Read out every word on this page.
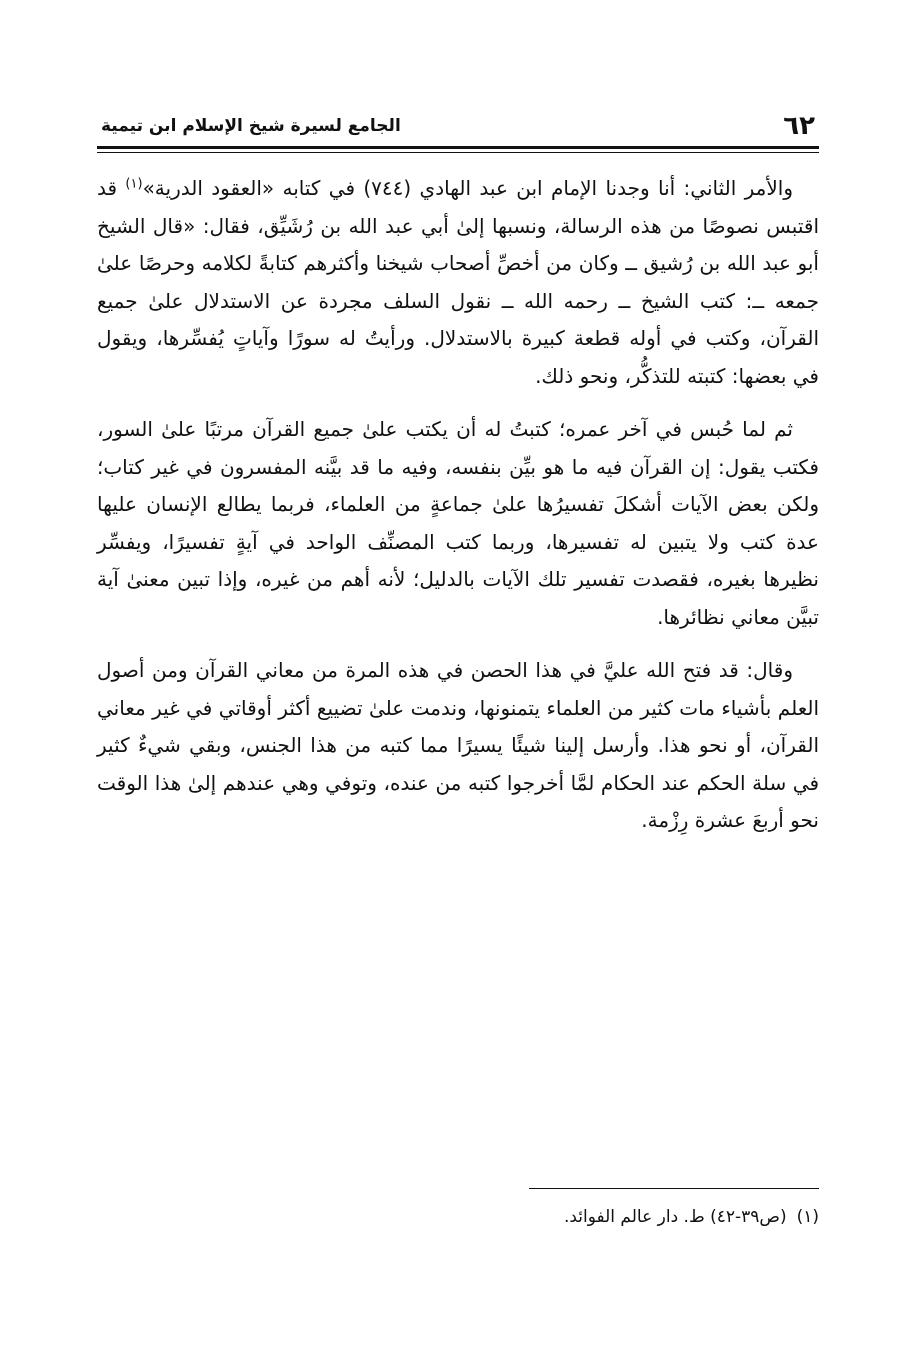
٦٢
الجامع لسيرة شيخ الإسلام ابن تيمية

والأمر الثاني: أنا وجدنا الإمام ابن عبد الهادي (٧٤٤) في كتابه «العقود الدرية»$^{(١)}$ قد اقتبس نصوصًا من هذه الرسالة، ونسبها إلىٰ أبي عبد الله بن رُشَيِّق، فقال: «قال الشيخ أبو عبد الله بن رُشيق ــ وكان من أخصِّ أصحاب شيخنا وأكثرهم كتابةً لكلامه وحرصًا علىٰ جمعه ــ: كتب الشيخ ــ رحمه الله ــ نقول السلف مجردة عن الاستدلال علىٰ جميع القرآن، وكتب في أوله قطعة كبيرة بالاستدلال. ورأيتُ له سورًا وآياتٍ يُفسِّرها، ويقول في بعضها: كتبته للتذكُّر، ونحو ذلك.

ثم لما حُبس في آخر عمره؛ كتبتُ له أن يكتب علىٰ جميع القرآن مرتبًا علىٰ السور، فكتب يقول: إن القرآن فيه ما هو بيِّن بنفسه، وفيه ما قد بيَّنه المفسرون في غير كتاب؛ ولكن بعض الآيات أشكلَ تفسيرُها علىٰ جماعةٍ من العلماء، فربما يطالع الإنسان عليها عدة كتب ولا يتبين له تفسيرها، وربما كتب المصنِّف الواحد في آيةٍ تفسيرًا، ويفسِّر نظيرها بغيره، فقصدت تفسير تلك الآيات بالدليل؛ لأنه أهم من غيره، وإذا تبين معنىٰ آية تبيَّن معاني نظائرها.

وقال: قد فتح الله عليَّ في هذا الحصن في هذه المرة من معاني القرآن ومن أصول العلم بأشياء مات كثير من العلماء يتمنونها، وندمت علىٰ تضييع أكثر أوقاتي في غير معاني القرآن، أو نحو هذا. وأرسل إلينا شيئًا يسيرًا مما كتبه من هذا الجنس، وبقي شيءٌ كثير في سلة الحكم عند الحكام لمَّا أخرجوا كتبه من عنده، وتوفي وهي عندهم إلىٰ هذا الوقت نحو أربعَ عشرة رِزْمة.

(١)(ص٣٩-٤٢) ط. دار عالم الفوائد.
